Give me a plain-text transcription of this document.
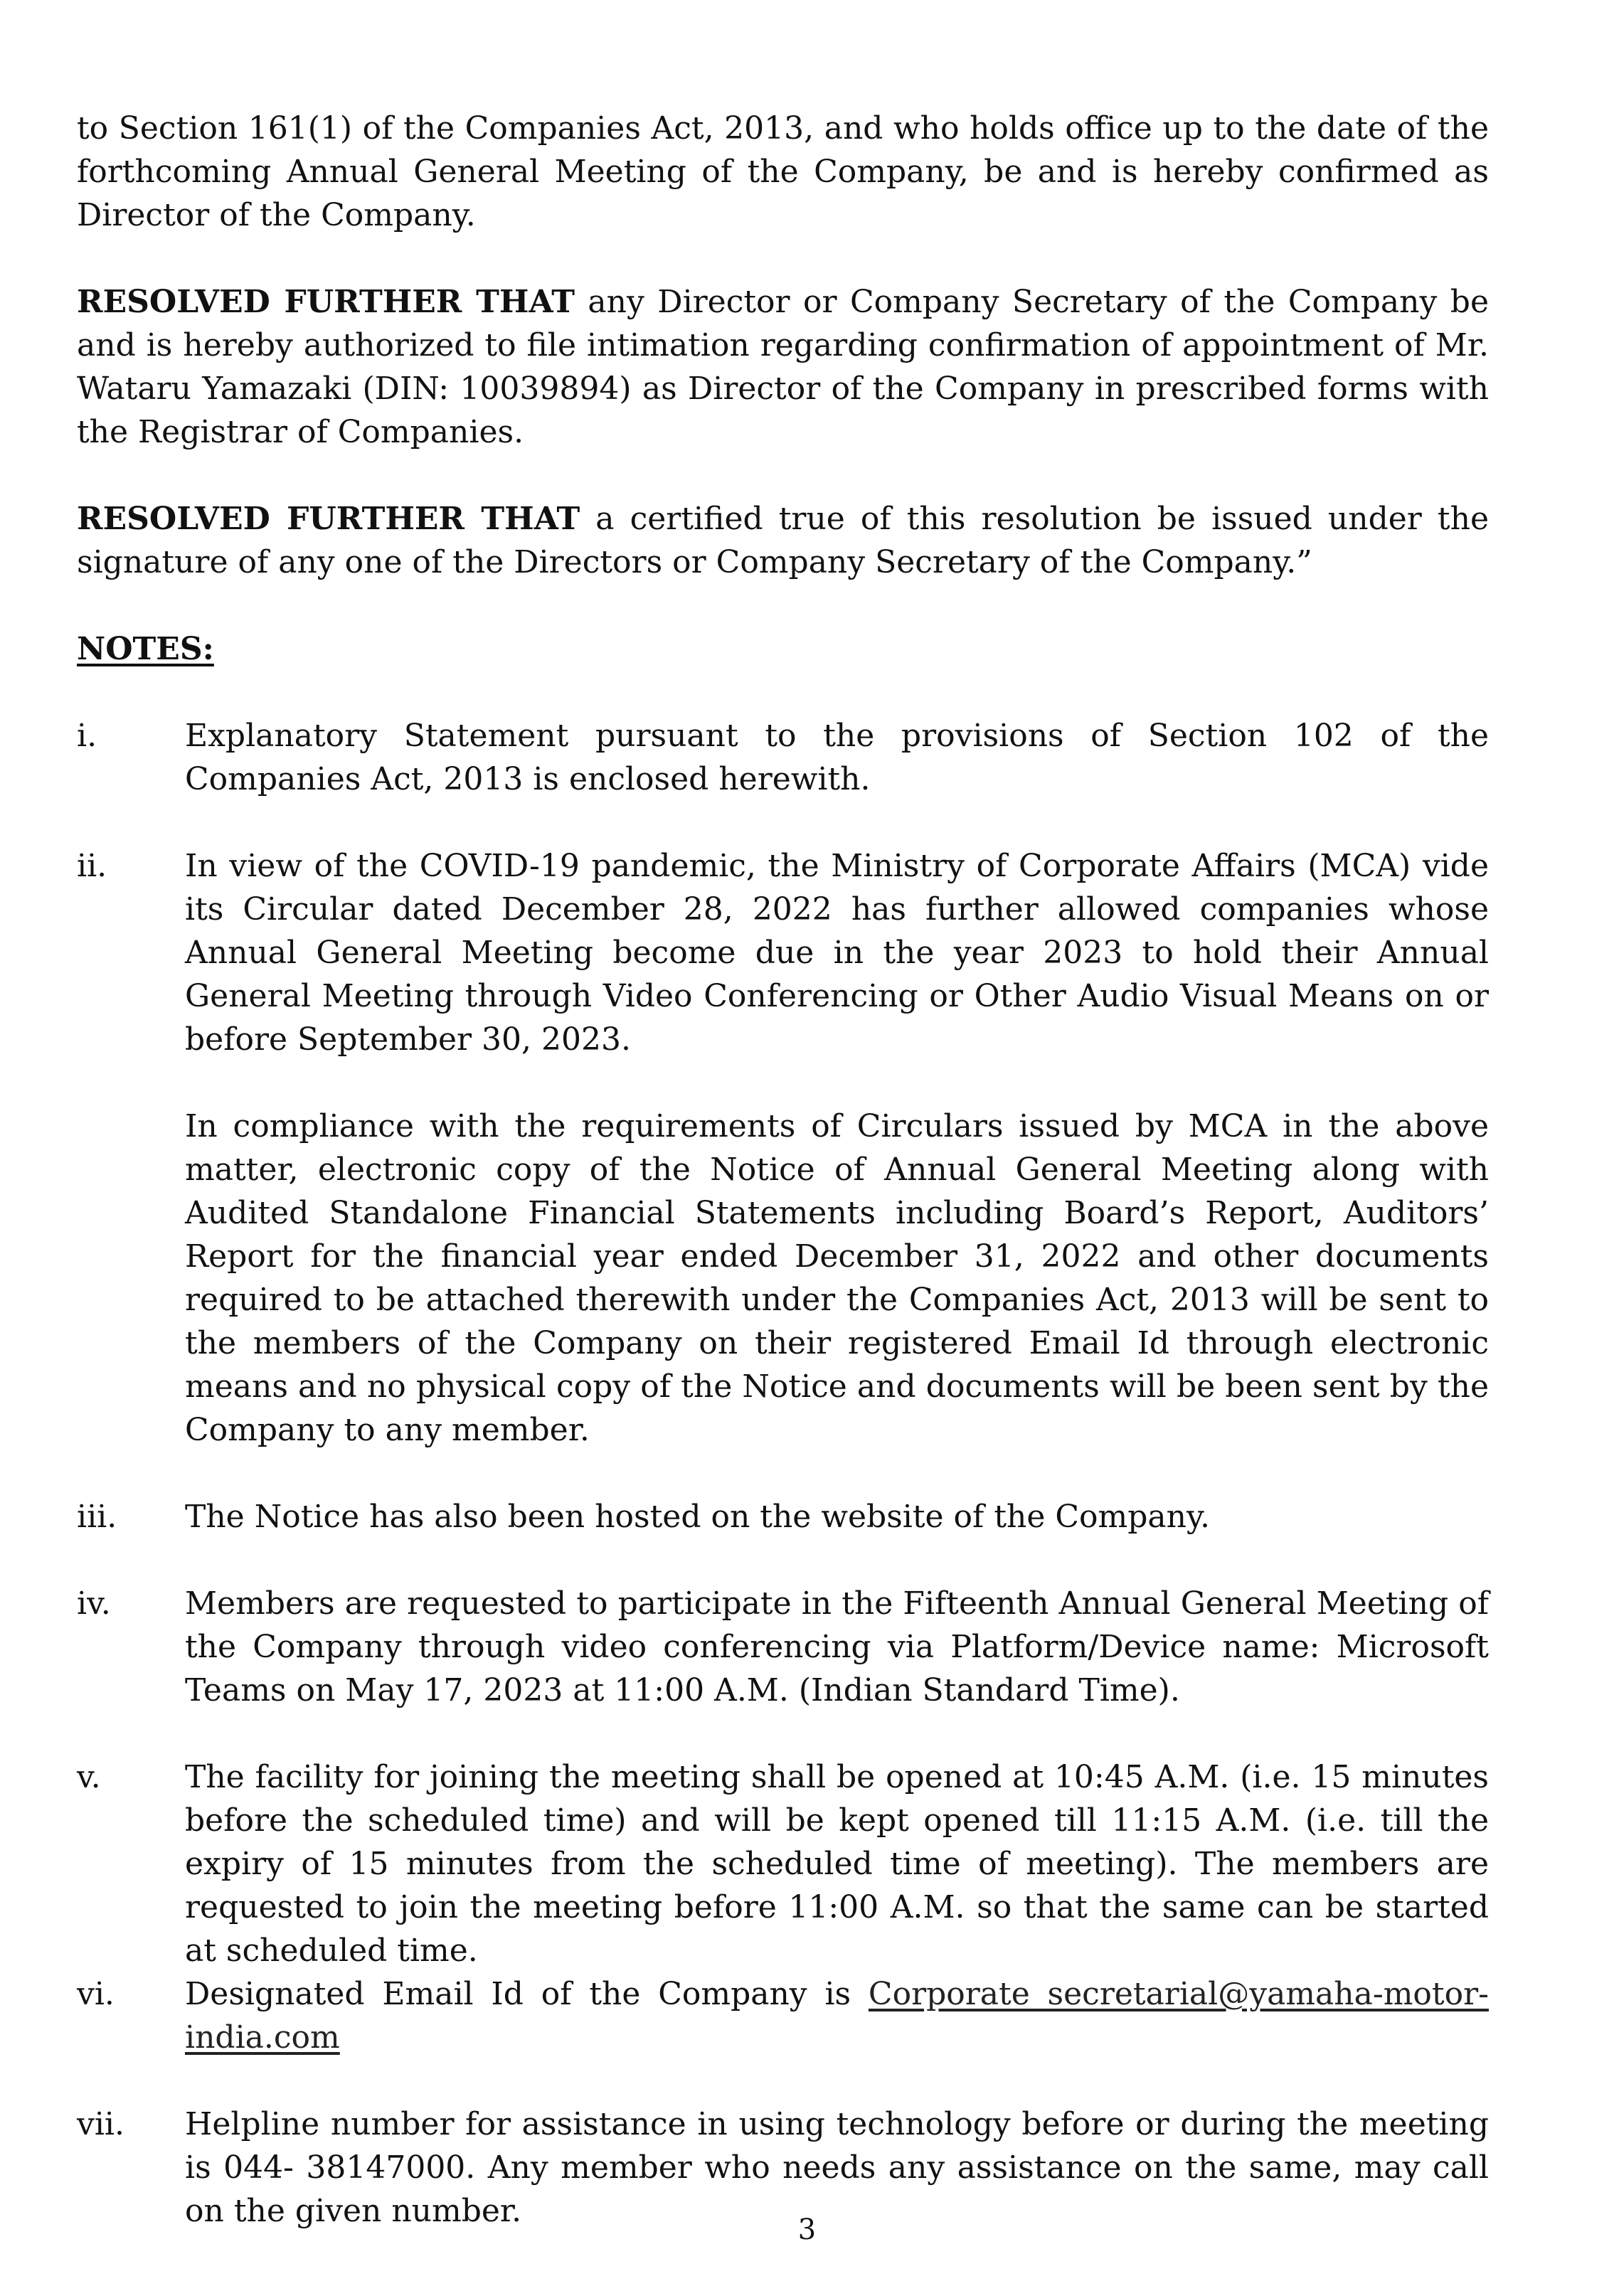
to Section 161(1) of the Companies Act, 2013, and who holds office up to the date of the forthcoming Annual General Meeting of the Company, be and is hereby confirmed as Director of the Company.

RESOLVED FURTHER THAT any Director or Company Secretary of the Company be and is hereby authorized to file intimation regarding confirmation of appointment of Mr. Wataru Yamazaki (DIN: 10039894) as Director of the Company in prescribed forms with the Registrar of Companies.

RESOLVED FURTHER THAT a certified true of this resolution be issued under the signature of any one of the Directors or Company Secretary of the Company.”

NOTES:
i.	Explanatory Statement pursuant to the provisions of Section 102 of the Companies Act, 2013 is enclosed herewith.

ii.	In view of the COVID-19 pandemic, the Ministry of Corporate Affairs (MCA) vide its Circular dated December 28, 2022 has further allowed companies whose Annual General Meeting become due in the year 2023 to hold their Annual General Meeting through Video Conferencing or Other Audio Visual Means on or before September 30, 2023.

In compliance with the requirements of Circulars issued by MCA in the above matter, electronic copy of the Notice of Annual General Meeting along with Audited Standalone Financial Statements including Board’s Report, Auditors’ Report for the financial year ended December 31, 2022 and other documents required to be attached therewith under the Companies Act, 2013 will be sent to the members of the Company on their registered Email Id through electronic means and no physical copy of the Notice and documents will be been sent by the Company to any member.

iii.	The Notice has also been hosted on the website of the Company.

iv.	Members are requested to participate in the Fifteenth Annual General Meeting of the Company through video conferencing via Platform/Device name: Microsoft Teams on May 17, 2023 at 11:00 A.M. (Indian Standard Time).

v.	The facility for joining the meeting shall be opened at 10:45 A.M. (i.e. 15 minutes before the scheduled time) and will be kept opened till 11:15 A.M. (i.e. till the expiry of 15 minutes from the scheduled time of meeting). The members are requested to join the meeting before 11:00 A.M. so that the same can be started at scheduled time.

vi.	Designated Email Id of the Company is Corporate secretarial@yamaha-motor-india.com

vii.	Helpline number for assistance in using technology before or during the meeting is 044- 38147000. Any member who needs any assistance on the same, may call on the given number.

3
